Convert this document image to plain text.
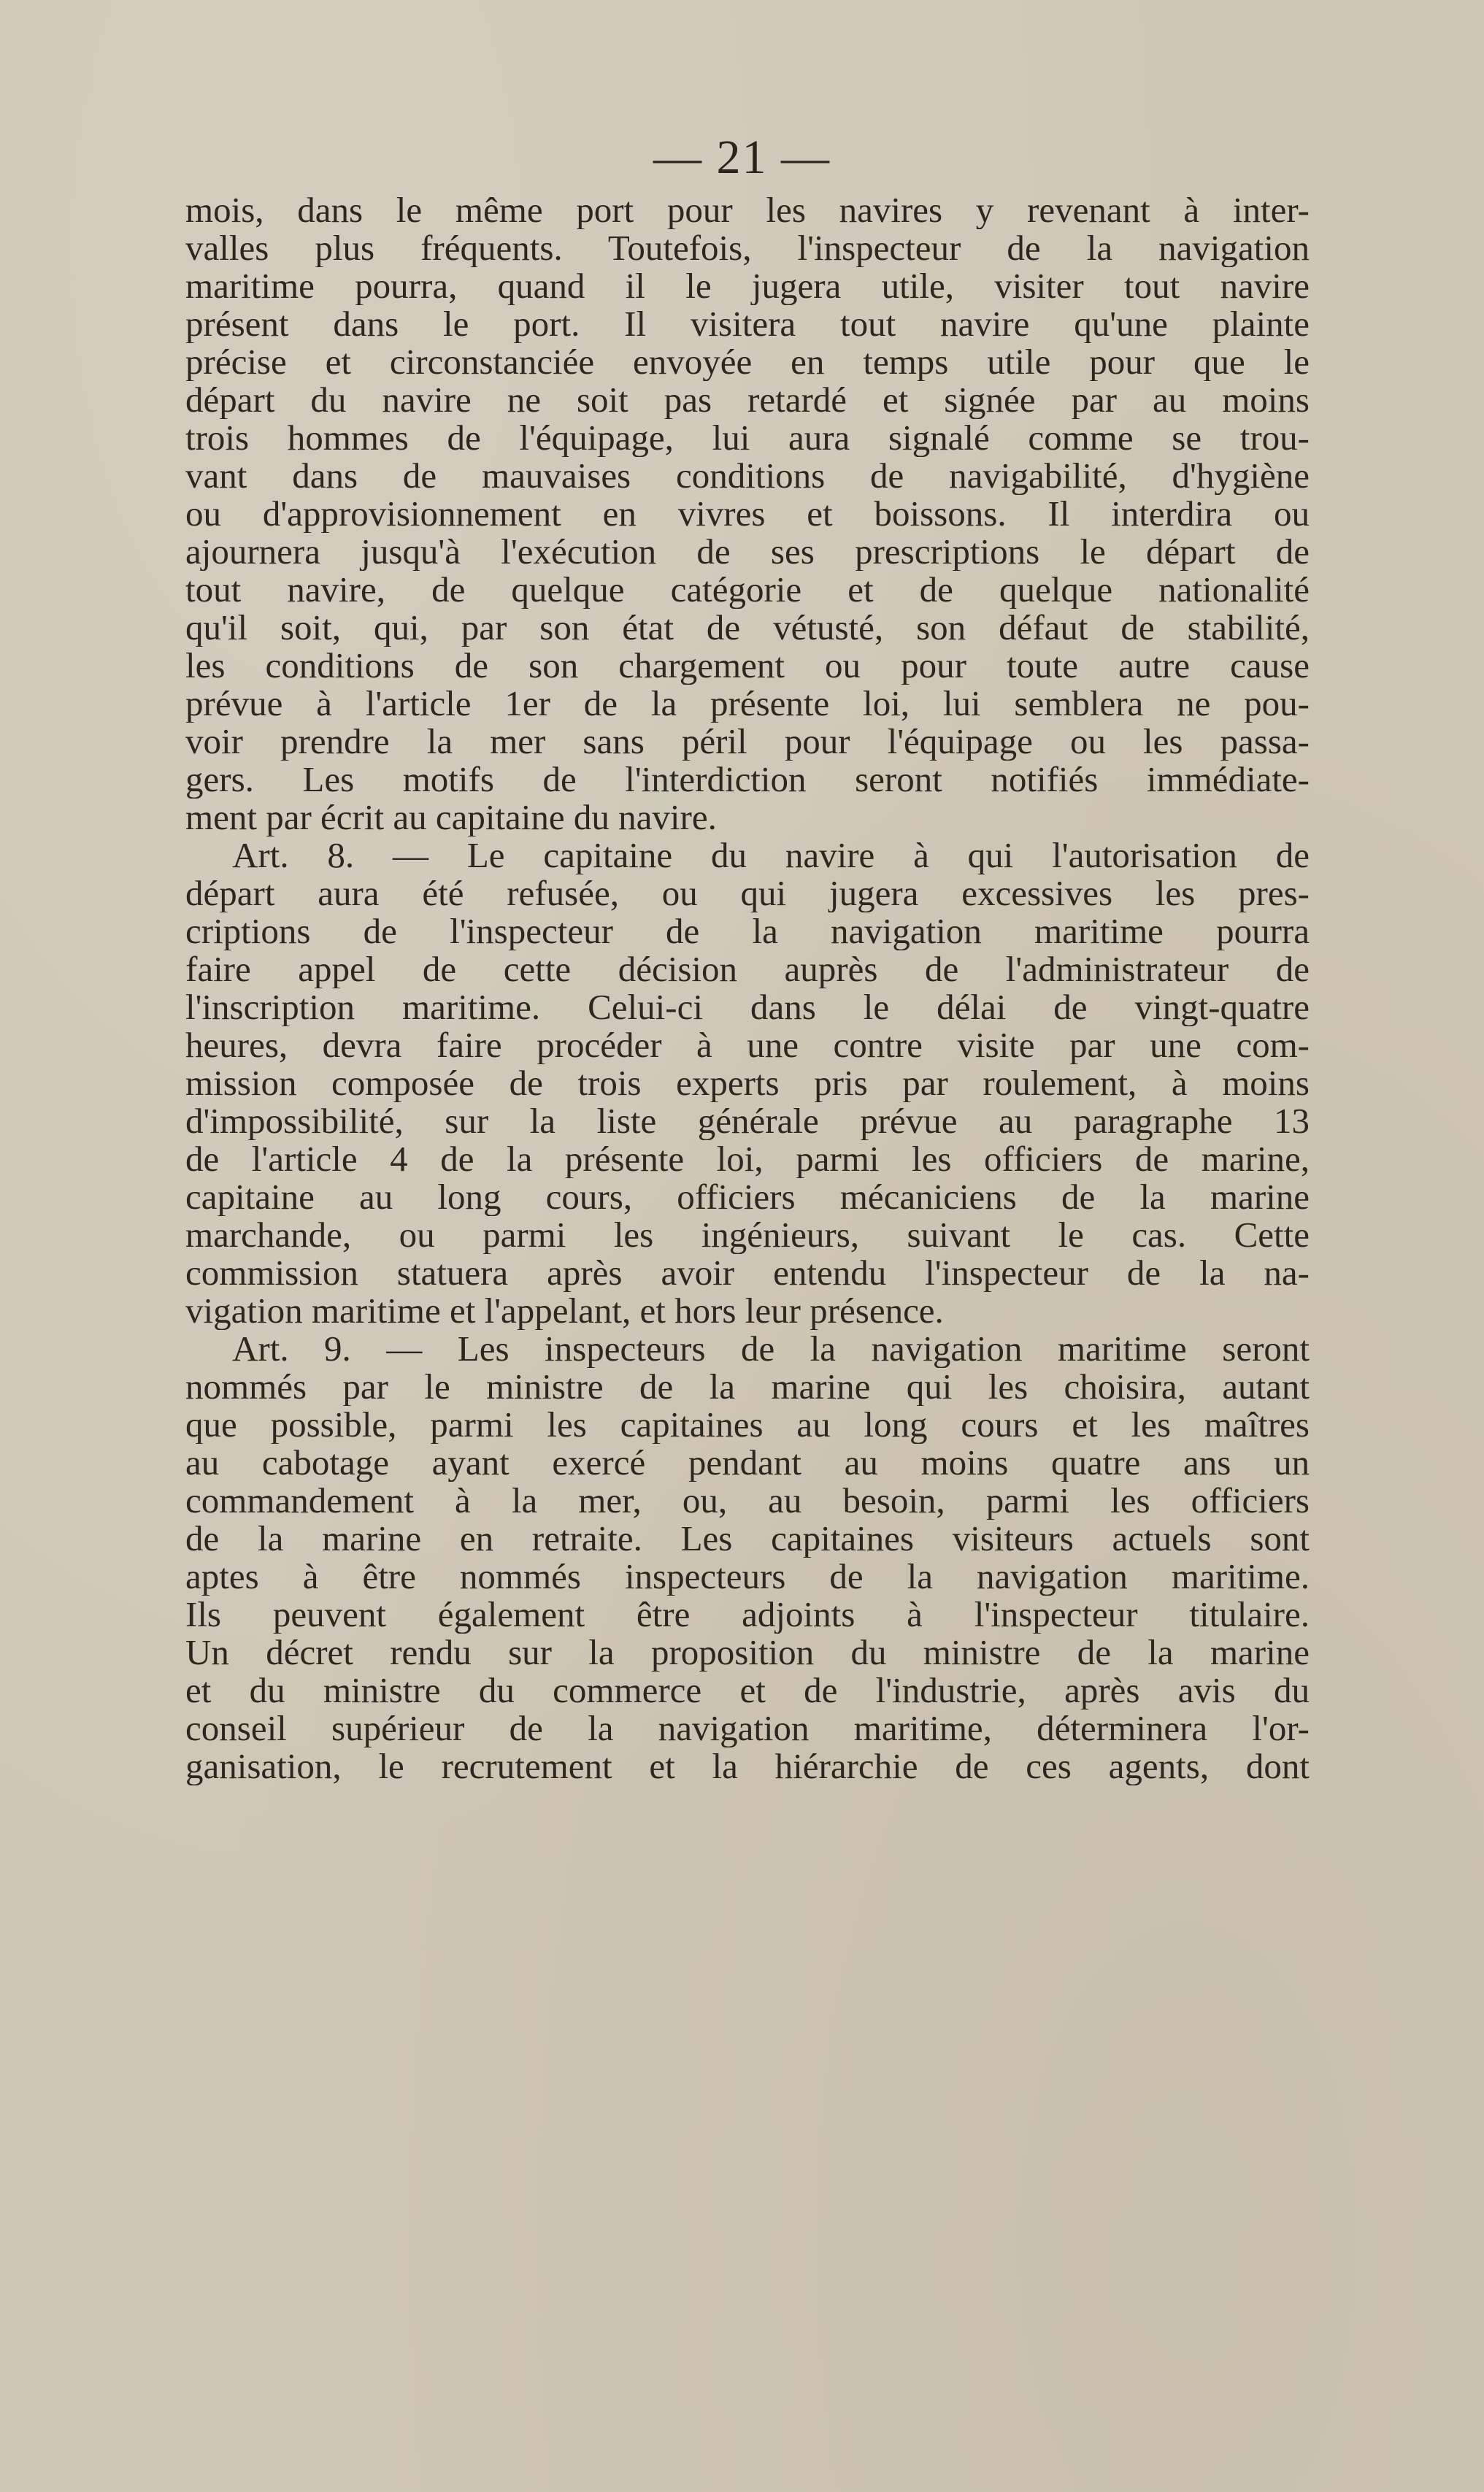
— 21 —
mois, dans le même port pour les navires y revenant à inter-
valles plus fréquents. Toutefois, l'inspecteur de la navigation
maritime pourra, quand il le jugera utile, visiter tout navire
présent dans le port. Il visitera tout navire qu'une plainte
précise et circonstanciée envoyée en temps utile pour que le
départ du navire ne soit pas retardé et signée par au moins
trois hommes de l'équipage, lui aura signalé comme se trou-
vant dans de mauvaises conditions de navigabilité, d'hygiène
ou d'approvisionnement en vivres et boissons. Il interdira ou
ajournera jusqu'à l'exécution de ses prescriptions le départ de
tout navire, de quelque catégorie et de quelque nationalité
qu'il soit, qui, par son état de vétusté, son défaut de stabilité,
les conditions de son chargement ou pour toute autre cause
prévue à l'article 1er de la présente loi, lui semblera ne pou-
voir prendre la mer sans péril pour l'équipage ou les passa-
gers. Les motifs de l'interdiction seront notifiés immédiate-
ment par écrit au capitaine du navire.
Art. 8. — Le capitaine du navire à qui l'autorisation de
départ aura été refusée, ou qui jugera excessives les pres-
criptions de l'inspecteur de la navigation maritime pourra
faire appel de cette décision auprès de l'administrateur de
l'inscription maritime. Celui-ci dans le délai de vingt-quatre
heures, devra faire procéder à une contre visite par une com-
mission composée de trois experts pris par roulement, à moins
d'impossibilité, sur la liste générale prévue au paragraphe 13
de l'article 4 de la présente loi, parmi les officiers de marine,
capitaine au long cours, officiers mécaniciens de la marine
marchande, ou parmi les ingénieurs, suivant le cas. Cette
commission statuera après avoir entendu l'inspecteur de la na-
vigation maritime et l'appelant, et hors leur présence.
Art. 9. — Les inspecteurs de la navigation maritime seront
nommés par le ministre de la marine qui les choisira, autant
que possible, parmi les capitaines au long cours et les maîtres
au cabotage ayant exercé pendant au moins quatre ans un
commandement à la mer, ou, au besoin, parmi les officiers
de la marine en retraite. Les capitaines visiteurs actuels sont
aptes à être nommés inspecteurs de la navigation maritime.
Ils peuvent également être adjoints à l'inspecteur titulaire.
Un décret rendu sur la proposition du ministre de la marine
et du ministre du commerce et de l'industrie, après avis du
conseil supérieur de la navigation maritime, déterminera l'or-
ganisation, le recrutement et la hiérarchie de ces agents, dont
